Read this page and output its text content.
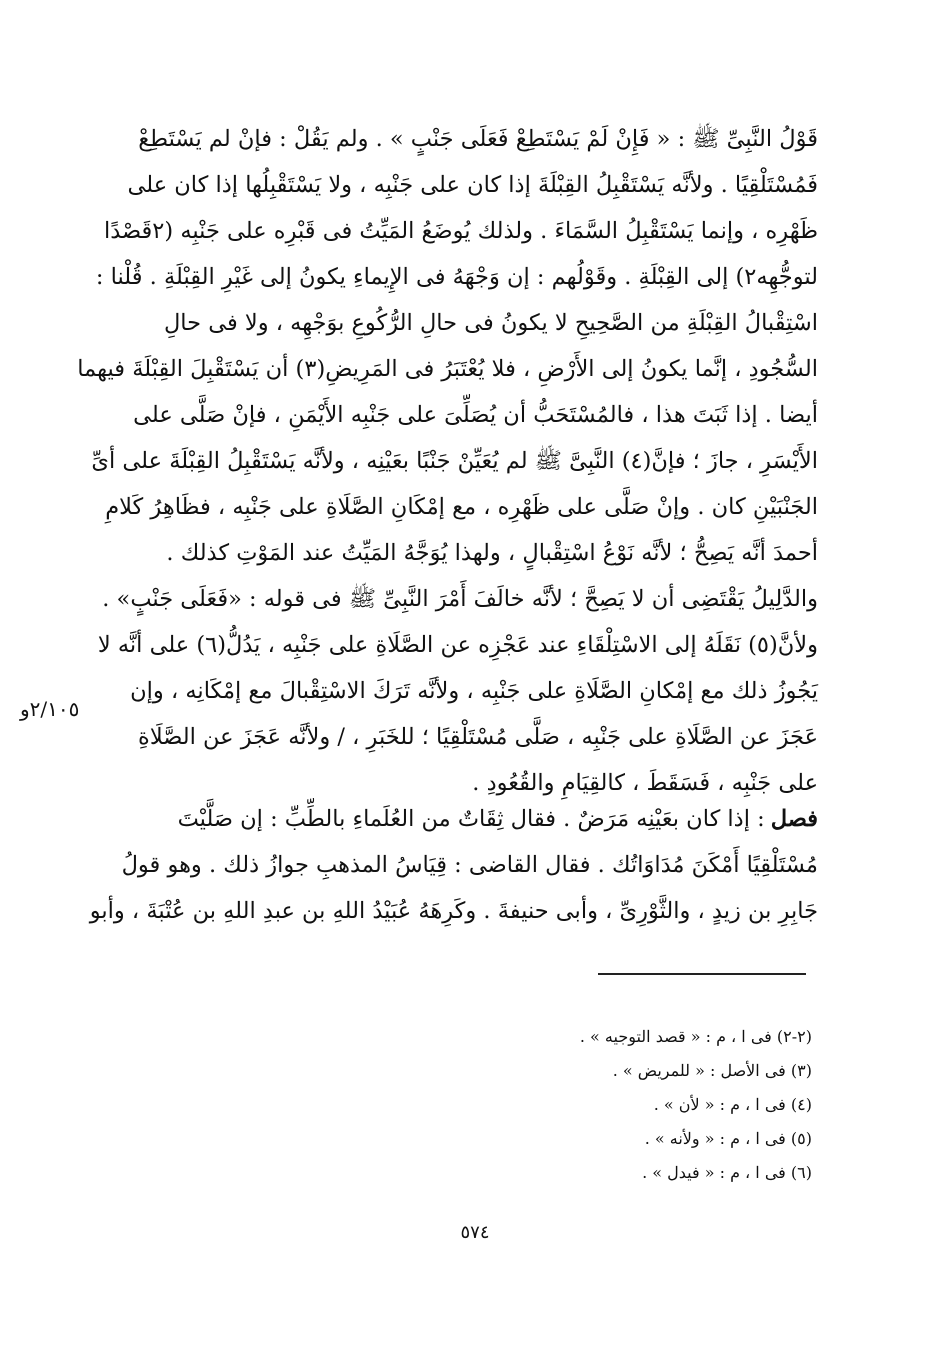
قَوْلُ النَّبِىِّ ﷺ : « فَإِنْ لَمْ يَسْتَطِعْ فَعَلَى جَنْبٍ » . ولم يَقُلْ : فإنْ لم يَسْتَطِعْ
فَمُسْتَلْقِيًا . ولأنَّه يَسْتَقْبِلُ القِبْلَةَ إذا كان على جَنْبِه ، ولا يَسْتَقْبِلُها إذا كان على
ظَهْرِه ، وإنما يَسْتَقْبِلُ السَّمَاءَ . ولذلك يُوضَعُ المَيِّتُ فى قَبْرِه على جَنْبِه (٢قَصْدًا
لتوجُّهِه٢) إلى القِبْلَةِ . وقَوْلُهم : إن وَجْهَهُ فى الإِيماءِ يكونُ إلى غَيْرِ القِبْلَةِ . قُلْنا :
اسْتِقْبالُ القِبْلَةِ من الصَّحِيحِ لا يكونُ فى حالِ الرُّكُوعِ بوَجْهِه ، ولا فى حالِ
السُّجُودِ ، إنَّما يكونُ إلى الأَرْضِ ، فلا يُعْتَبَرُ فى المَرِيضِ(٣) أن يَسْتَقْبِلَ القِبْلَةَ فيهما
أيضا . إذا ثَبَتَ هذا ، فالمُسْتَحَبُّ أن يُصَلِّىَ على جَنْبِه الأَيْمَنِ ، فإنْ صَلَّى على
الأَيْسَرِ ، جازَ ؛ فإنَّ(٤) النَّبِىَّ ﷺ لم يُعَيِّنْ جَنْبًا بعَيْنِه ، ولأنَّه يَسْتَقْبِلُ القِبْلَةَ على أىِّ
الجَنْبَيْنِ كان . وإنْ صَلَّى على ظَهْرِه ، مع إمْكَانِ الصَّلَاةِ على جَنْبِه ، فظَاهِرُ كَلامِ
أحمدَ أنَّه يَصِحُّ ؛ لأنَّه نَوْعُ اسْتِقْبالٍ ، ولهذا يُوَجَّهُ المَيِّتُ عند المَوْتِ كذلك .
والدَّلِيلُ يَقْتَضِى أن لا يَصِحَّ ؛ لأنَّه خالَفَ أَمْرَ النَّبِىِّ ﷺ فى قوله : «فَعَلَى جَنْبٍ» .
ولأنَّ(٥) نَقَلَهُ إلى الاسْتِلْقَاءِ عند عَجْزِه عن الصَّلَاةِ على جَنْبِه ، يَدُلُّ(٦) على أنَّه لا
يَجُوزُ ذلك مع إمْكانِ الصَّلَاةِ على جَنْبِه ، ولأنَّه تَرَكَ الاسْتِقْبالَ مع إمْكَانِه ، وإن
عَجَزَ عن الصَّلَاةِ على جَنْبِه ، صَلَّى مُسْتَلْقِيًا ؛ للخَبَرِ ، / ولأنَّه عَجَزَ عن الصَّلَاةِ
على جَنْبِه ، فَسَقَطَ ، كالقِيَامِ والقُعُودِ .
٢/١٠٥و
فصل: إذا كان بعَيْنِه مَرَضٌ . فقال ثِقَاتٌ من العُلَماءِ بالطِّبِّ : إن صَلَّيْتَ
مُسْتَلْقِيًا أَمْكَنَ مُدَاوَاتُك . فقال القاضى : قِيَاسُ المذهبِ جوازُ ذلك . وهو قولُ
جَابِرِ بن زيدٍ ، والثَّوْرِىِّ ، وأبى حنيفةَ . وكَرِهَهُ عُبَيْدُ اللهِ بن عبدِ اللهِ بن عُتْبَةَ ، وأبو
(٢-٢) فى ا ، م : « قصد التوجيه » .
(٣) فى الأصل : « للمريض » .
(٤) فى ا ، م : « لأن » .
(٥) فى ا ، م : « ولأنه » .
(٦) فى ا ، م : « فيدل » .
٥٧٤
